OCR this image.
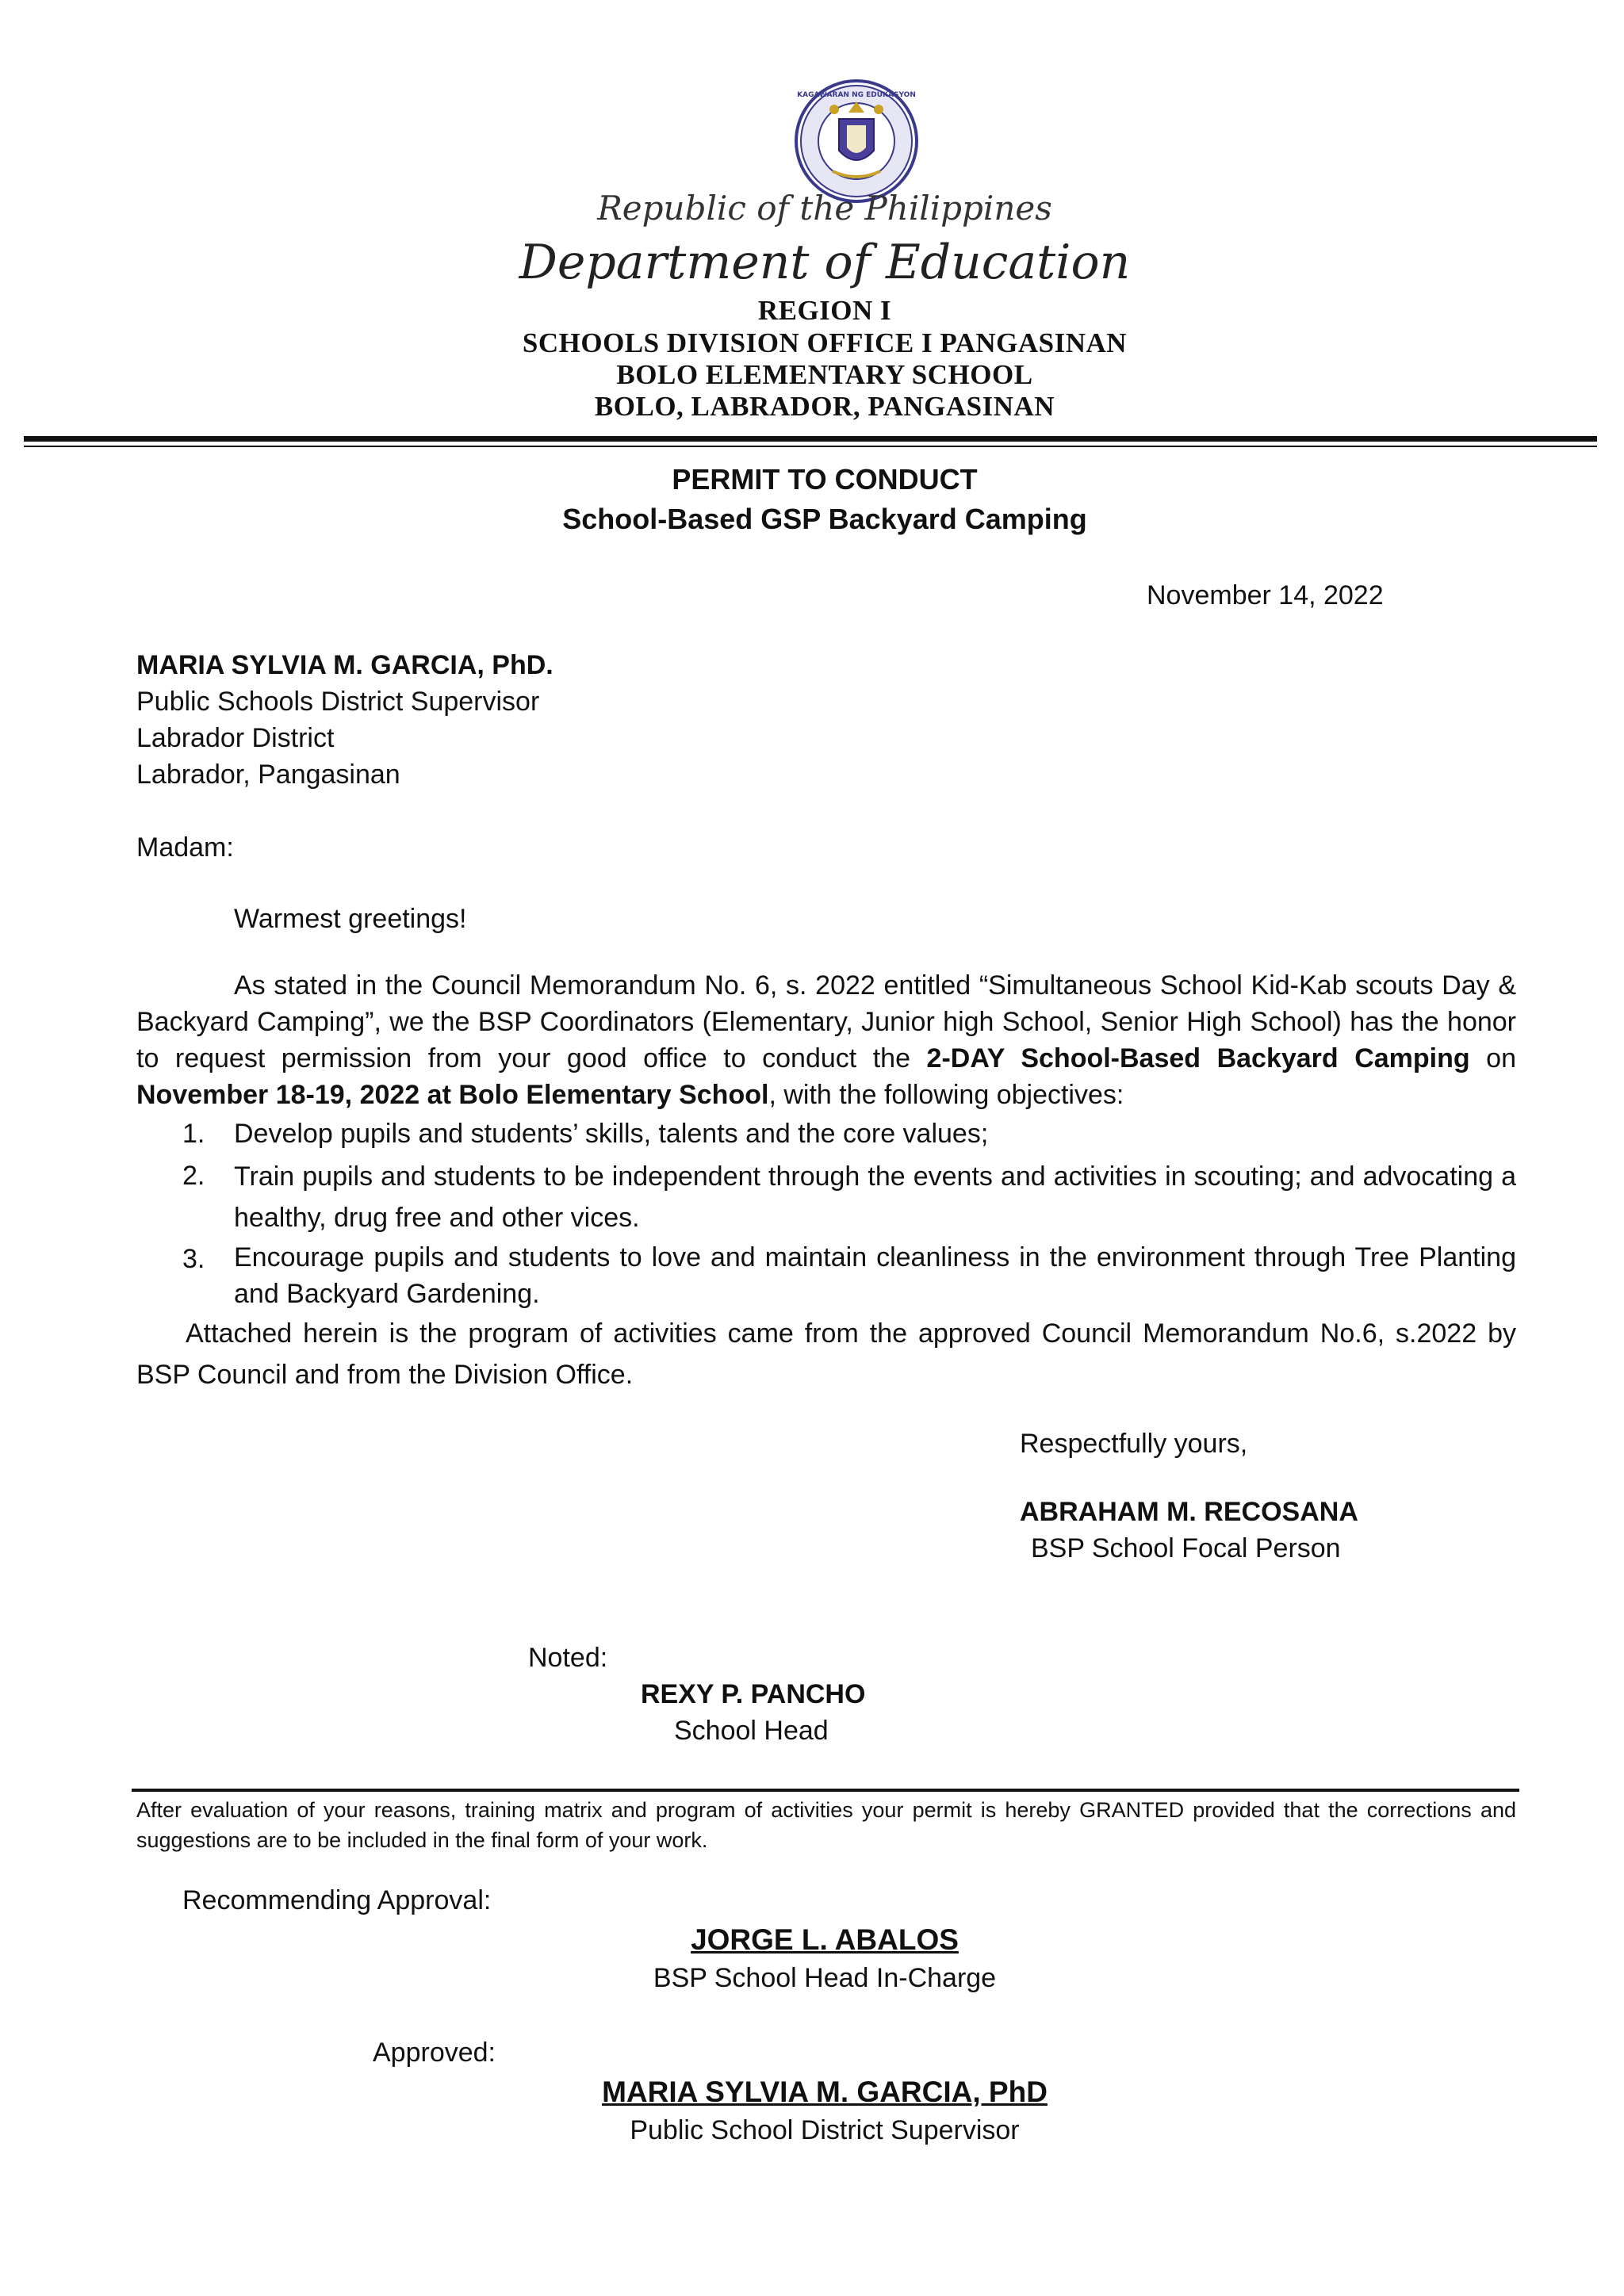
KAGAWARAN NG EDUKASYON
Republic of the Philippines
Department of Education
REGION I
SCHOOLS DIVISION OFFICE I PANGASINAN
BOLO ELEMENTARY SCHOOL
BOLO, LABRADOR, PANGASINAN
PERMIT TO CONDUCT
School-Based GSP Backyard Camping
November 14, 2022
MARIA SYLVIA M. GARCIA, PhD.
Public Schools District Supervisor
Labrador District
Labrador, Pangasinan
Madam:
Warmest greetings!
As stated in the Council Memorandum No. 6, s. 2022 entitled “Simultaneous School Kid-Kab scouts Day & Backyard Camping”, we the BSP Coordinators (Elementary, Junior high School, Senior High School) has the honor to request permission from your good office to conduct the 2-DAY School-Based Backyard Camping on November 18-19, 2022 at Bolo Elementary School, with the following objectives:
1. Develop pupils and students’ skills, talents and the core values;
2. Train pupils and students to be independent through the events and activities in scouting; and advocating a healthy, drug free and other vices.
3. Encourage pupils and students to love and maintain cleanliness in the environment through Tree Planting and Backyard Gardening.
Attached herein is the program of activities came from the approved Council Memorandum No.6, s.2022 by BSP Council and from the Division Office.
Respectfully yours,
ABRAHAM M. RECOSANA
BSP School Focal Person
Noted:
REXY P. PANCHO
School Head
After evaluation of your reasons, training matrix and program of activities your permit is hereby GRANTED provided that the corrections and suggestions are to be included in the final form of your work.
Recommending Approval:
JORGE L. ABALOS
BSP School Head In-Charge
Approved:
MARIA SYLVIA M. GARCIA, PhD
Public School District Supervisor
